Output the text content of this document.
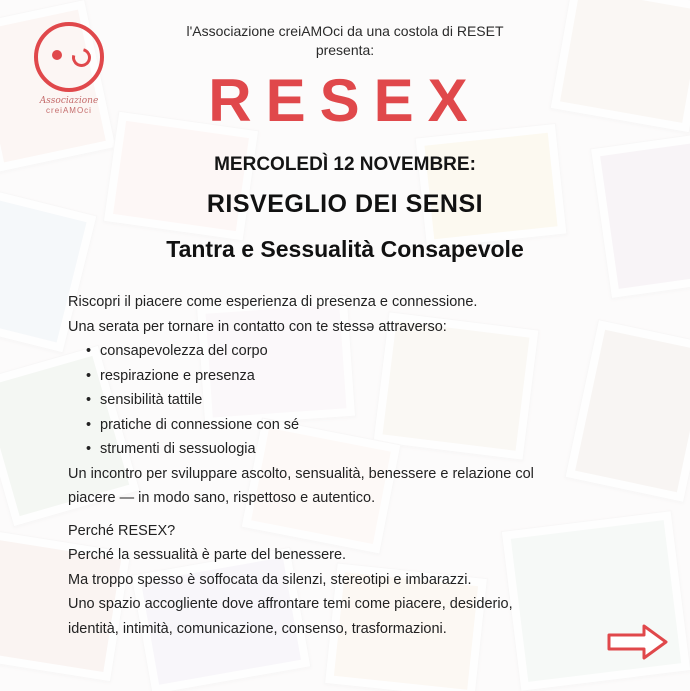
Associazione
creiAMOci
l'Associazione creiAMOci da una costola di RESET
presenta:
RESEX
MERCOLEDÌ 12 NOVEMBRE:
RISVEGLIO DEI SENSI
Tantra e Sessualità Consapevole

Riscopri il piacere come esperienza di presenza e connessione.

Una serata per tornare in contatto con te stessə attraverso:

• consapevolezza del corpo
• respirazione e presenza
• sensibilità tattile
• pratiche di connessione con sé
• strumenti di sessuologia

Un incontro per sviluppare ascolto, sensualità, benessere e relazione col

piacere — in modo sano, rispettoso e autentico.

Perché RESEX?

Perché la sessualità è parte del benessere.

Ma troppo spesso è soffocata da silenzi, stereotipi e imbarazzi.

Uno spazio accogliente dove affrontare temi come piacere, desiderio,

identità, intimità, comunicazione, consenso, trasformazioni.
